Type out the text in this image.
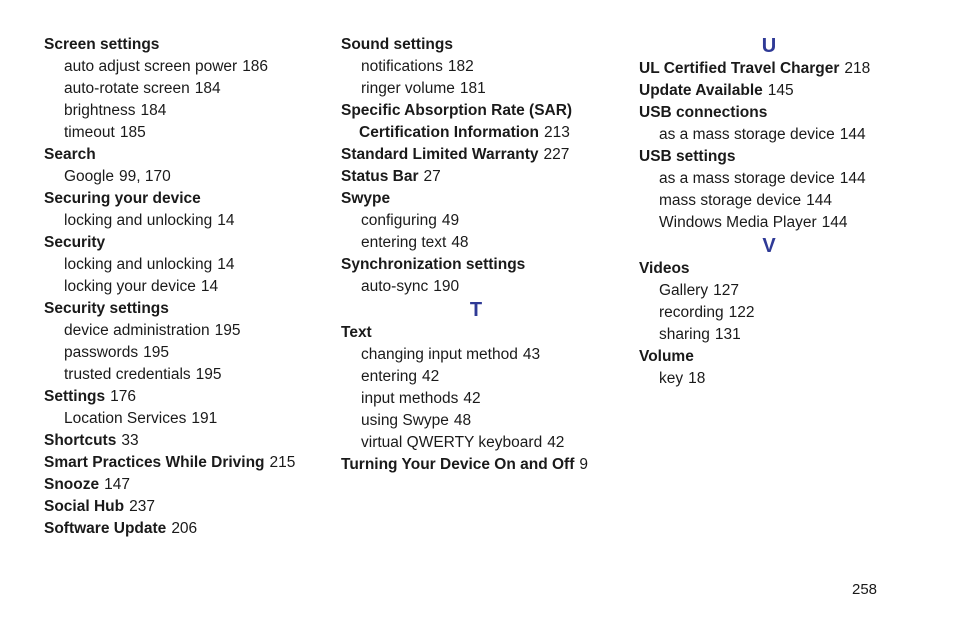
Screen settings
auto adjust screen power 186
auto-rotate screen 184
brightness 184
timeout 185
Search
Google 99, 170
Securing your device
locking and unlocking 14
Security
locking and unlocking 14
locking your device 14
Security settings
device administration 195
passwords 195
trusted credentials 195
Settings 176
Location Services 191
Shortcuts 33
Smart Practices While Driving 215
Snooze 147
Social Hub 237
Software Update 206
Sound settings
notifications 182
ringer volume 181
Specific Absorption Rate (SAR)
Certification Information 213
Standard Limited Warranty 227
Status Bar 27
Swype
configuring 49
entering text 48
Synchronization settings
auto-sync 190
T
Text
changing input method 43
entering 42
input methods 42
using Swype 48
virtual QWERTY keyboard 42
Turning Your Device On and Off 9
U
UL Certified Travel Charger 218
Update Available 145
USB connections
as a mass storage device 144
USB settings
as a mass storage device 144
mass storage device 144
Windows Media Player 144
V
Videos
Gallery 127
recording 122
sharing 131
Volume
key 18
258
